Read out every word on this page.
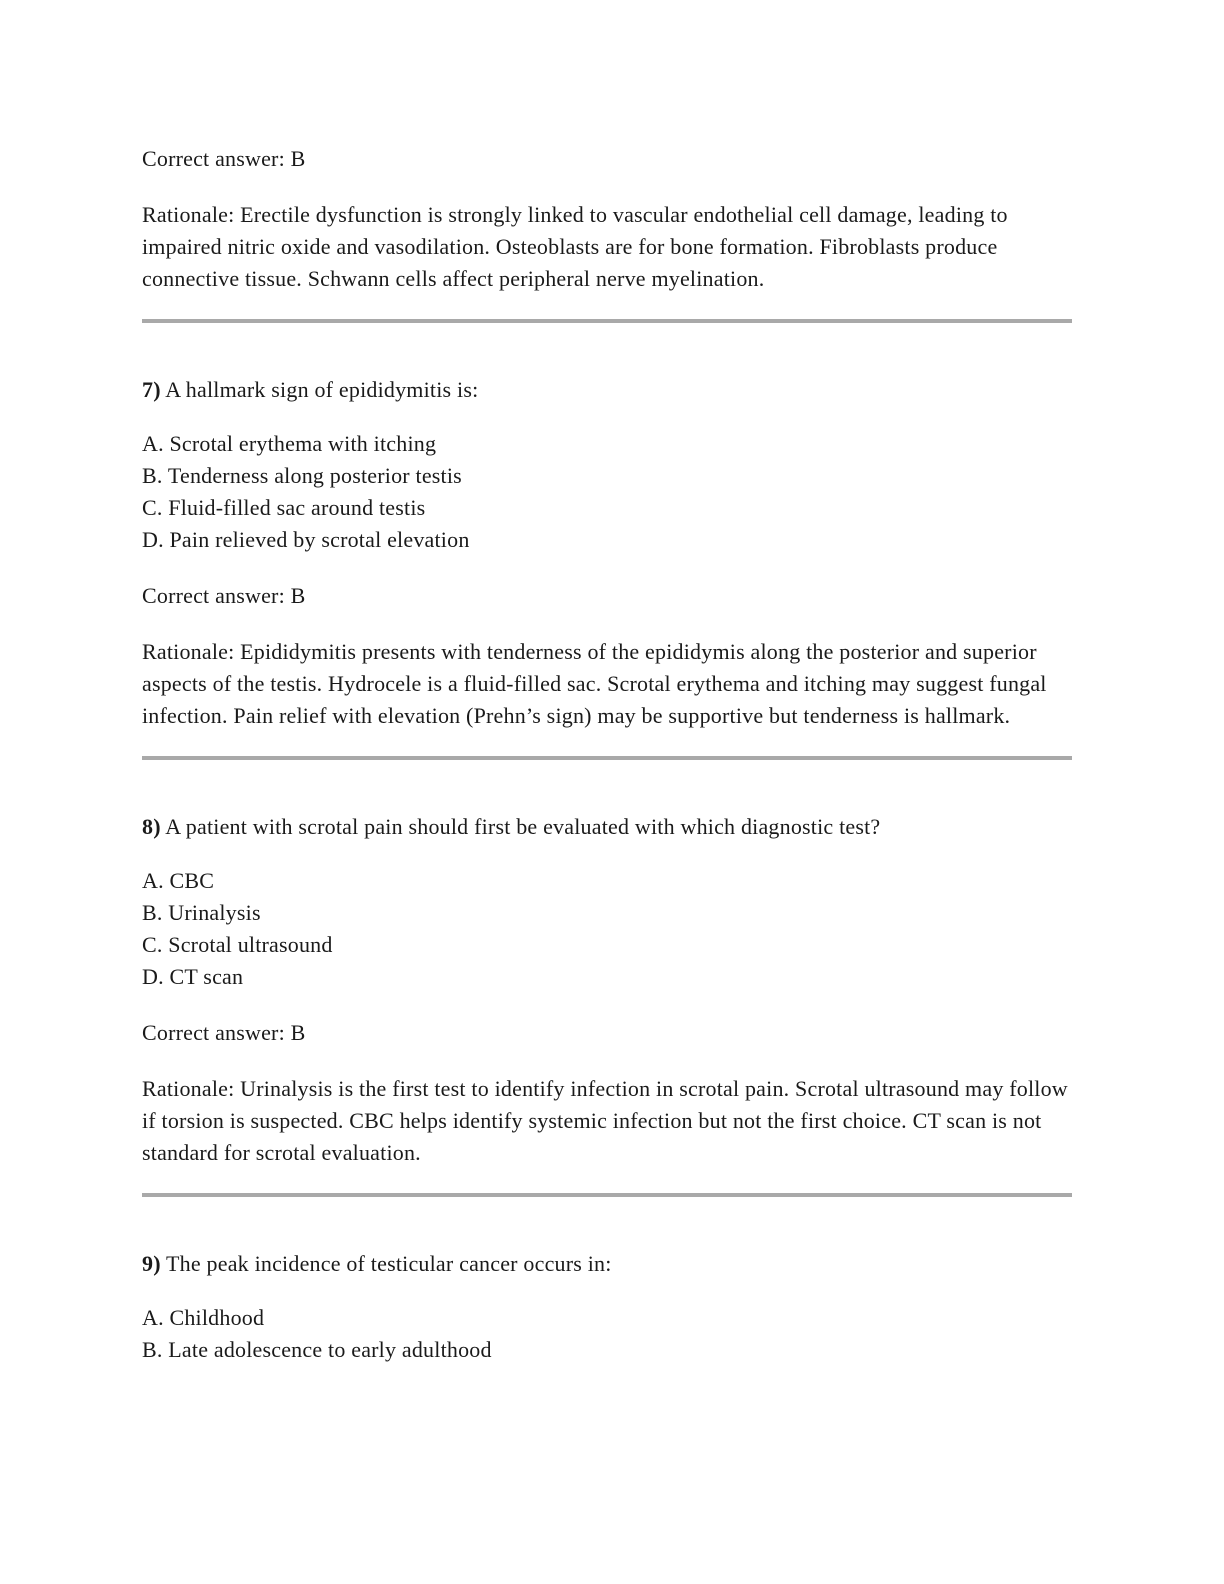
Correct answer: B

Rationale: Erectile dysfunction is strongly linked to vascular endothelial cell damage, leading to impaired nitric oxide and vasodilation. Osteoblasts are for bone formation. Fibroblasts produce connective tissue. Schwann cells affect peripheral nerve myelination.

7) A hallmark sign of epididymitis is:

A. Scrotal erythema with itching

B. Tenderness along posterior testis

C. Fluid-filled sac around testis

D. Pain relieved by scrotal elevation

Correct answer: B

Rationale: Epididymitis presents with tenderness of the epididymis along the posterior and superior aspects of the testis. Hydrocele is a fluid-filled sac. Scrotal erythema and itching may suggest fungal infection. Pain relief with elevation (Prehn’s sign) may be supportive but tenderness is hallmark.

8) A patient with scrotal pain should first be evaluated with which diagnostic test?

A. CBC

B. Urinalysis

C. Scrotal ultrasound

D. CT scan

Correct answer: B

Rationale: Urinalysis is the first test to identify infection in scrotal pain. Scrotal ultrasound may follow if torsion is suspected. CBC helps identify systemic infection but not the first choice. CT scan is not standard for scrotal evaluation.

9) The peak incidence of testicular cancer occurs in:

A. Childhood

B. Late adolescence to early adulthood
